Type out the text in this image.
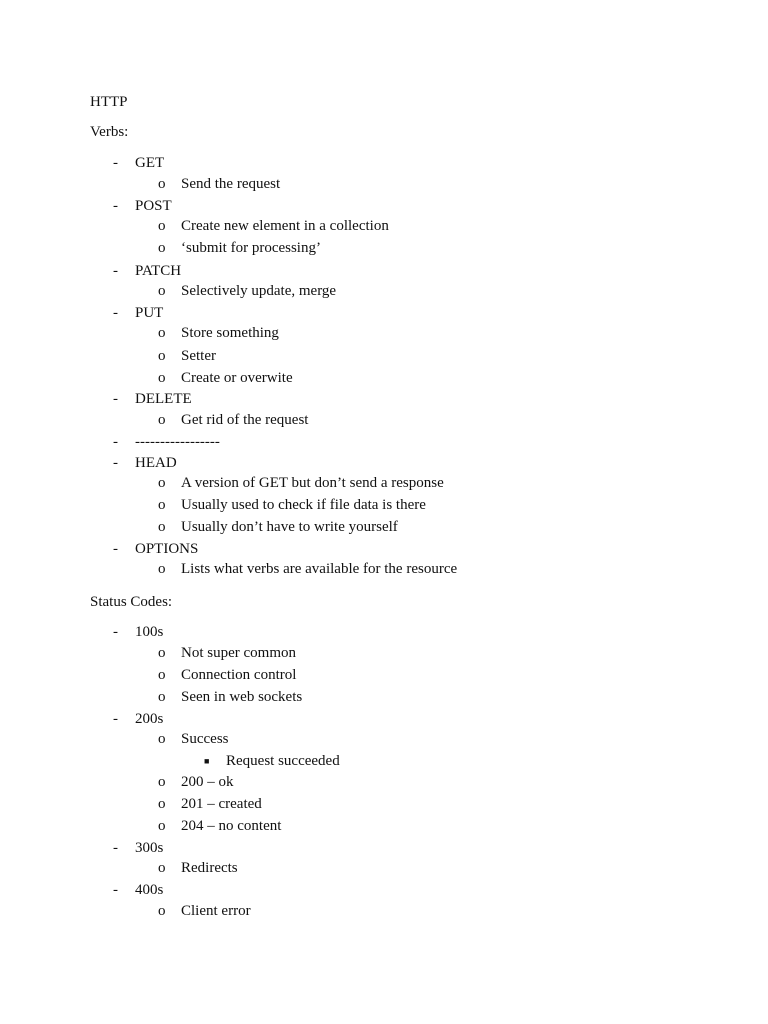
HTTP
Verbs:
- GET
o Send the request
- POST
o Create new element in a collection
o ‘submit for processing’
- PATCH
o Selectively update, merge
- PUT
o Store something
o Setter
o Create or overwite
- DELETE
o Get rid of the request
- -----------------
- HEAD
o A version of GET but don’t send a response
o Usually used to check if file data is there
o Usually don’t have to write yourself
- OPTIONS
o Lists what verbs are available for the resource
Status Codes:
- 100s
o Not super common
o Connection control
o Seen in web sockets
- 200s
o Success
■ Request succeeded
o 200 – ok
o 201 – created
o 204 – no content
- 300s
o Redirects
- 400s
o Client error
